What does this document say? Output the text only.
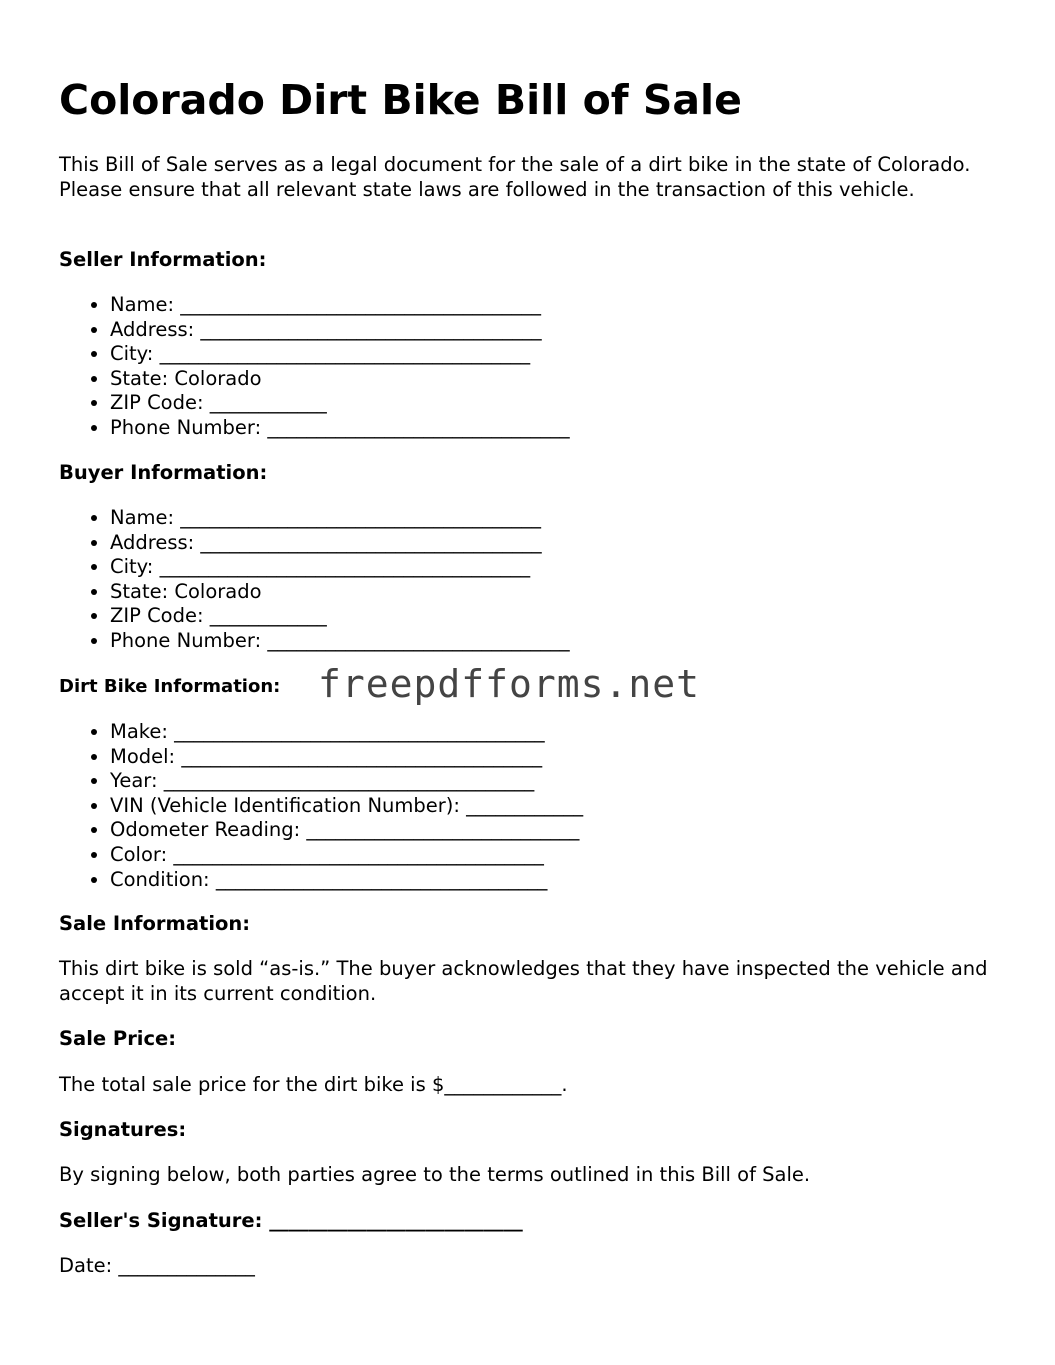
Colorado Dirt Bike Bill of Sale

This Bill of Sale serves as a legal document for the sale of a dirt bike in the state of Colorado. Please ensure that all relevant state laws are followed in the transaction of this vehicle.

Seller Information:

• Name: _____________________________________
• Address: ___________________________________
• City: ______________________________________
• State: Colorado
• ZIP Code: ____________
• Phone Number: _______________________________

Buyer Information:

• Name: _____________________________________
• Address: ___________________________________
• City: ______________________________________
• State: Colorado
• ZIP Code: ____________
• Phone Number: _______________________________

Dirt Bike Information:

• Make: ______________________________________
• Model: _____________________________________
• Year: ______________________________________
• VIN (Vehicle Identification Number): ____________
• Odometer Reading: ____________________________
• Color: ______________________________________
• Condition: __________________________________

Sale Information:

This dirt bike is sold “as-is.” The buyer acknowledges that they have inspected the vehicle and accept it in its current condition.

Sale Price:

The total sale price for the dirt bike is $____________.

Signatures:

By signing below, both parties agree to the terms outlined in this Bill of Sale.

Seller's Signature: __________________________

Date: ______________

freepdfforms.net
